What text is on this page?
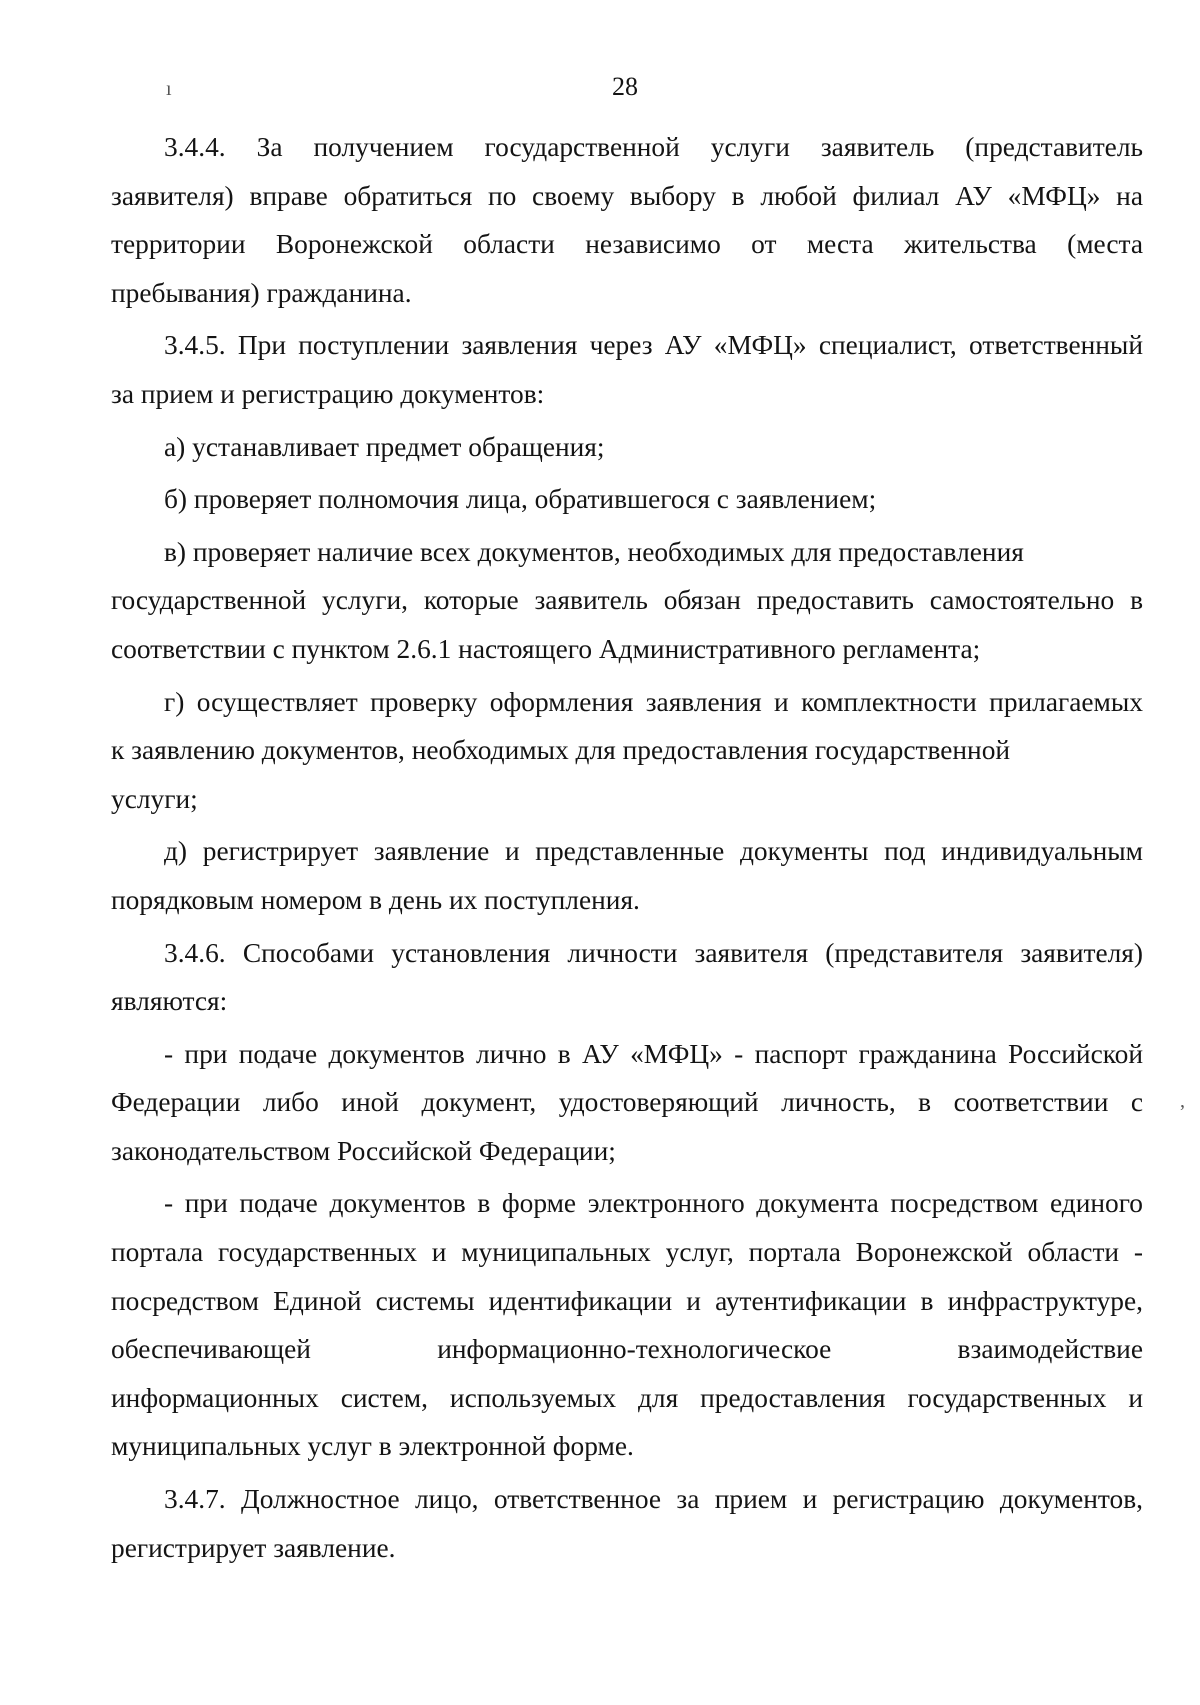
28
3.4.4. За получением государственной услуги заявитель (представитель
заявителя) вправе обратиться по своему выбору в любой филиал АУ «МФЦ» на
территории Воронежской области независимо от места жительства (места
пребывания) гражданина.
3.4.5. При поступлении заявления через АУ «МФЦ» специалист, ответственный
за прием и регистрацию документов:
а) устанавливает предмет обращения;
б) проверяет полномочия лица, обратившегося с заявлением;
в) проверяет наличие всех документов, необходимых для предоставления
государственной услуги, которые заявитель обязан предоставить самостоятельно в
соответствии с пунктом 2.6.1 настоящего Административного регламента;
г) осуществляет проверку оформления заявления и комплектности прилагаемых
к заявлению документов, необходимых для предоставления государственной
услуги;
д) регистрирует заявление и представленные документы под индивидуальным
порядковым номером в день их поступления.
3.4.6. Способами установления личности заявителя (представителя заявителя)
являются:
- при подаче документов лично в АУ «МФЦ» - паспорт гражданина Российской
Федерации либо иной документ, удостоверяющий личность, в соответствии с
законодательством Российской Федерации;
- при подаче документов в форме электронного документа посредством единого
портала государственных и муниципальных услуг, портала Воронежской области -
посредством Единой системы идентификации и аутентификации в инфраструктуре,
обеспечивающей информационно-технологическое взаимодействие
информационных систем, используемых для предоставления государственных и
муниципальных услуг в электронной форме.
3.4.7. Должностное лицо, ответственное за прием и регистрацию документов,
регистрирует заявление.
ı
,
